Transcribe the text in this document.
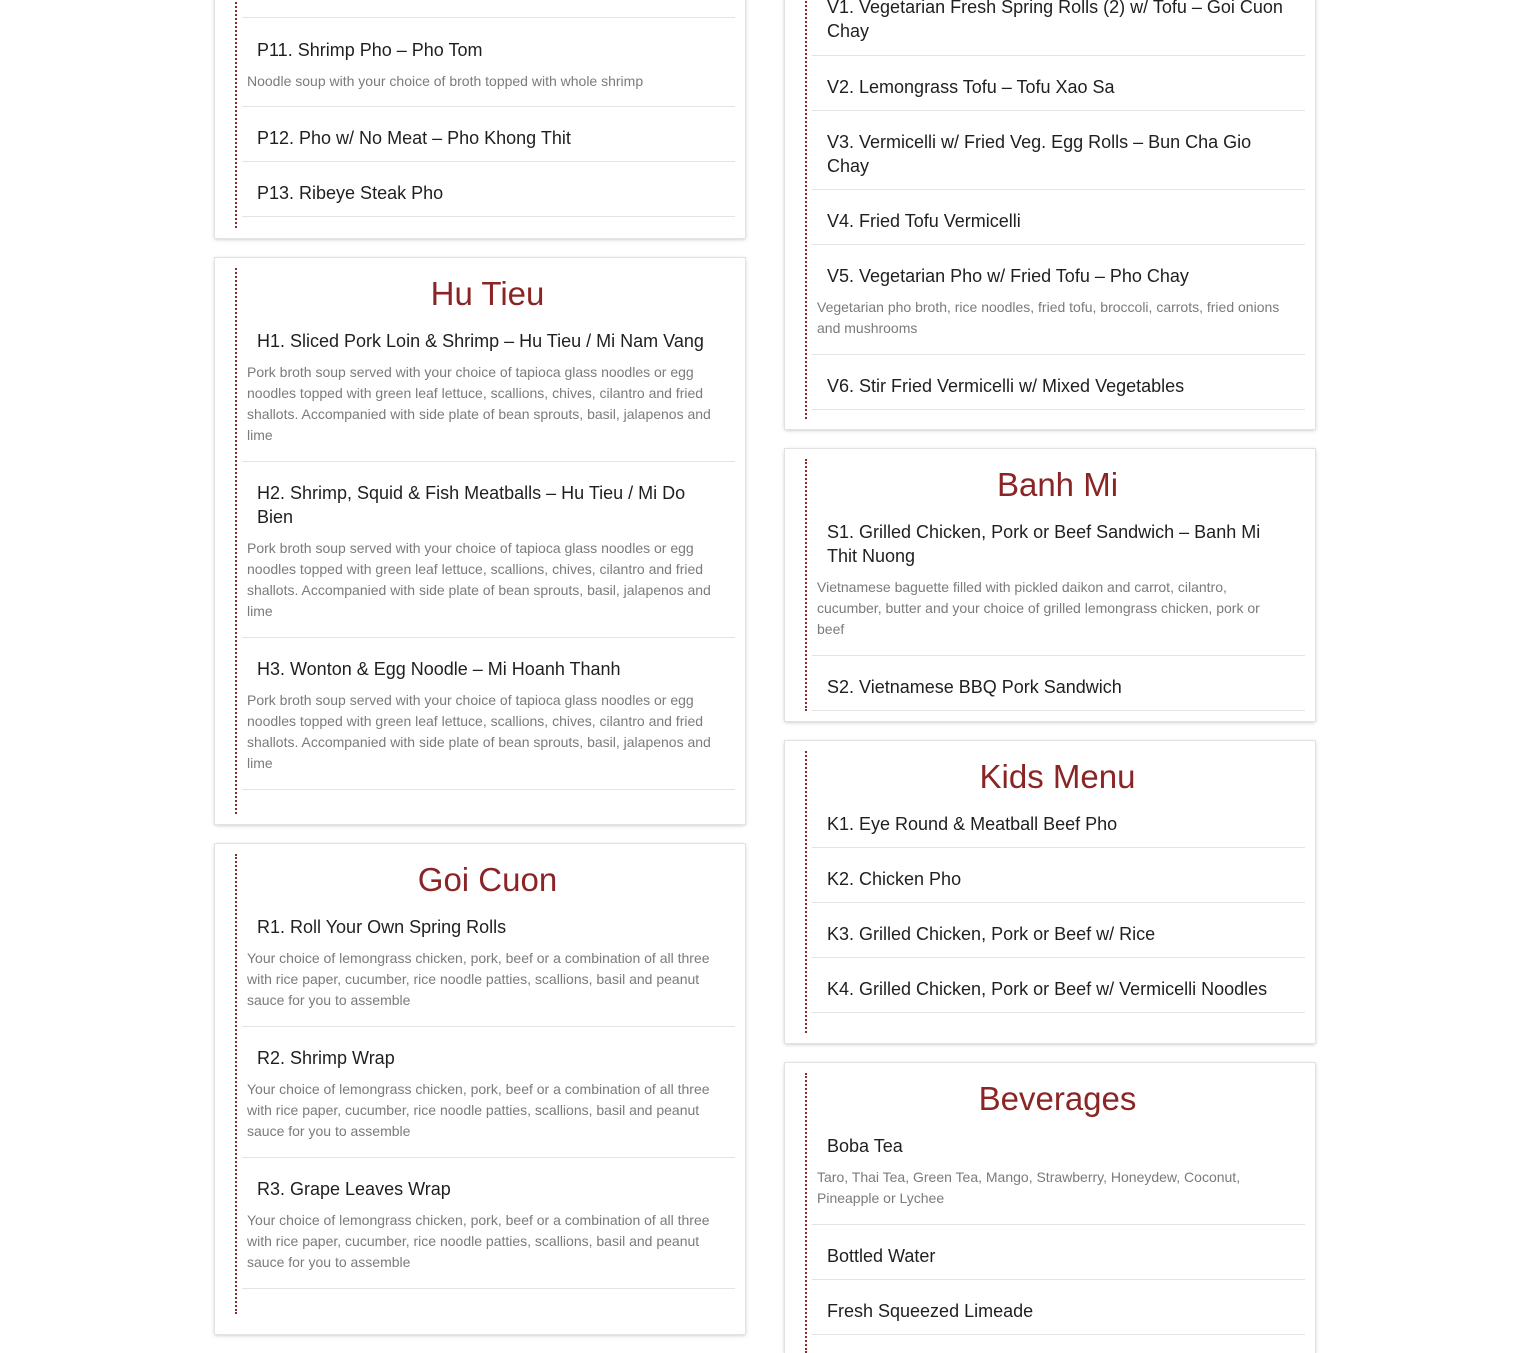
P11. Shrimp Pho – Pho Tom
Noodle soup with your choice of broth topped with whole shrimp
P12. Pho w/ No Meat – Pho Khong Thit
P13. Ribeye Steak Pho
Hu Tieu
H1. Sliced Pork Loin & Shrimp – Hu Tieu / Mi Nam Vang
Pork broth soup served with your choice of tapioca glass noodles or egg noodles topped with green leaf lettuce, scallions, chives, cilantro and fried shallots. Accompanied with side plate of bean sprouts, basil, jalapenos and lime
H2. Shrimp, Squid & Fish Meatballs – Hu Tieu / Mi Do Bien
Pork broth soup served with your choice of tapioca glass noodles or egg noodles topped with green leaf lettuce, scallions, chives, cilantro and fried shallots. Accompanied with side plate of bean sprouts, basil, jalapenos and lime
H3. Wonton & Egg Noodle – Mi Hoanh Thanh
Pork broth soup served with your choice of tapioca glass noodles or egg noodles topped with green leaf lettuce, scallions, chives, cilantro and fried shallots. Accompanied with side plate of bean sprouts, basil, jalapenos and lime
Goi Cuon
R1. Roll Your Own Spring Rolls
Your choice of lemongrass chicken, pork, beef or a combination of all three with rice paper, cucumber, rice noodle patties, scallions, basil and peanut sauce for you to assemble
R2. Shrimp Wrap
Your choice of lemongrass chicken, pork, beef or a combination of all three with rice paper, cucumber, rice noodle patties, scallions, basil and peanut sauce for you to assemble
R3. Grape Leaves Wrap
Your choice of lemongrass chicken, pork, beef or a combination of all three with rice paper, cucumber, rice noodle patties, scallions, basil and peanut sauce for you to assemble
V1. Vegetarian Fresh Spring Rolls (2) w/ Tofu – Goi Cuon Chay
V2. Lemongrass Tofu – Tofu Xao Sa
V3. Vermicelli w/ Fried Veg. Egg Rolls – Bun Cha Gio Chay
V4. Fried Tofu Vermicelli
V5. Vegetarian Pho w/ Fried Tofu – Pho Chay
Vegetarian pho broth, rice noodles, fried tofu, broccoli, carrots, fried onions and mushrooms
V6. Stir Fried Vermicelli w/ Mixed Vegetables
Banh Mi
S1. Grilled Chicken, Pork or Beef Sandwich – Banh Mi Thit Nuong
Vietnamese baguette filled with pickled daikon and carrot, cilantro, cucumber, butter and your choice of grilled lemongrass chicken, pork or beef
S2. Vietnamese BBQ Pork Sandwich
Kids Menu
K1. Eye Round & Meatball Beef Pho
K2. Chicken Pho
K3. Grilled Chicken, Pork or Beef w/ Rice
K4. Grilled Chicken, Pork or Beef w/ Vermicelli Noodles
Beverages
Boba Tea
Taro, Thai Tea, Green Tea, Mango, Strawberry, Honeydew, Coconut, Pineapple or Lychee
Bottled Water
Fresh Squeezed Limeade
